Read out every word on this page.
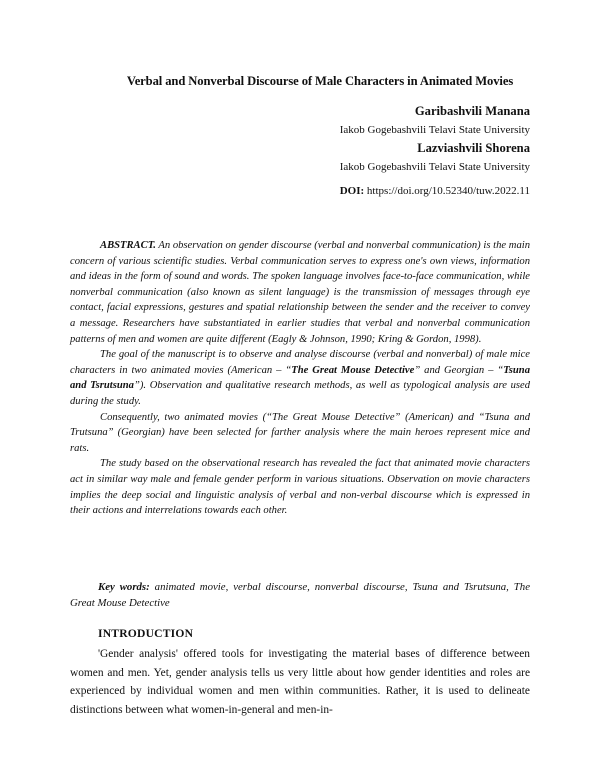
Verbal and Nonverbal Discourse of Male Characters in Animated Movies
Garibashvili Manana
Iakob Gogebashvili Telavi State University
Lazviashvili Shorena
Iakob Gogebashvili Telavi State University
DOI: https://doi.org/10.52340/tuw.2022.11

ABSTRACT. An observation on gender discourse (verbal and nonverbal communication) is the main concern of various scientific studies. Verbal communication serves to express one's own views, information and ideas in the form of sound and words. The spoken language involves face-to-face communication, while nonverbal communication (also known as silent language) is the transmission of messages through eye contact, facial expressions, gestures and spatial relationship between the sender and the receiver to convey a message. Researchers have substantiated in earlier studies that verbal and nonverbal communication patterns of men and women are quite different (Eagly & Johnson, 1990; Kring & Gordon, 1998).

The goal of the manuscript is to observe and analyse discourse (verbal and nonverbal) of male mice characters in two animated movies (American – “The Great Mouse Detective” and Georgian – “Tsuna and Tsrutsuna”). Observation and qualitative research methods, as well as typological analysis are used during the study.

Consequently, two animated movies (“The Great Mouse Detective” (American) and “Tsuna and Trutsuna” (Georgian) have been selected for farther analysis where the main heroes represent mice and rats.

The study based on the observational research has revealed the fact that animated movie characters act in similar way male and female gender perform in various situations. Observation on movie characters implies the deep social and linguistic analysis of verbal and non-verbal discourse which is expressed in their actions and interrelations towards each other.

Key words: animated movie, verbal discourse, nonverbal discourse, Tsuna and Tsrutsuna, The Great Mouse Detective
INTRODUCTION
'Gender analysis' offered tools for investigating the material bases of difference between women and men. Yet, gender analysis tells us very little about how gender identities and roles are experienced by individual women and men within communities. Rather, it is used to delineate distinctions between what women-in-general and men-in-
